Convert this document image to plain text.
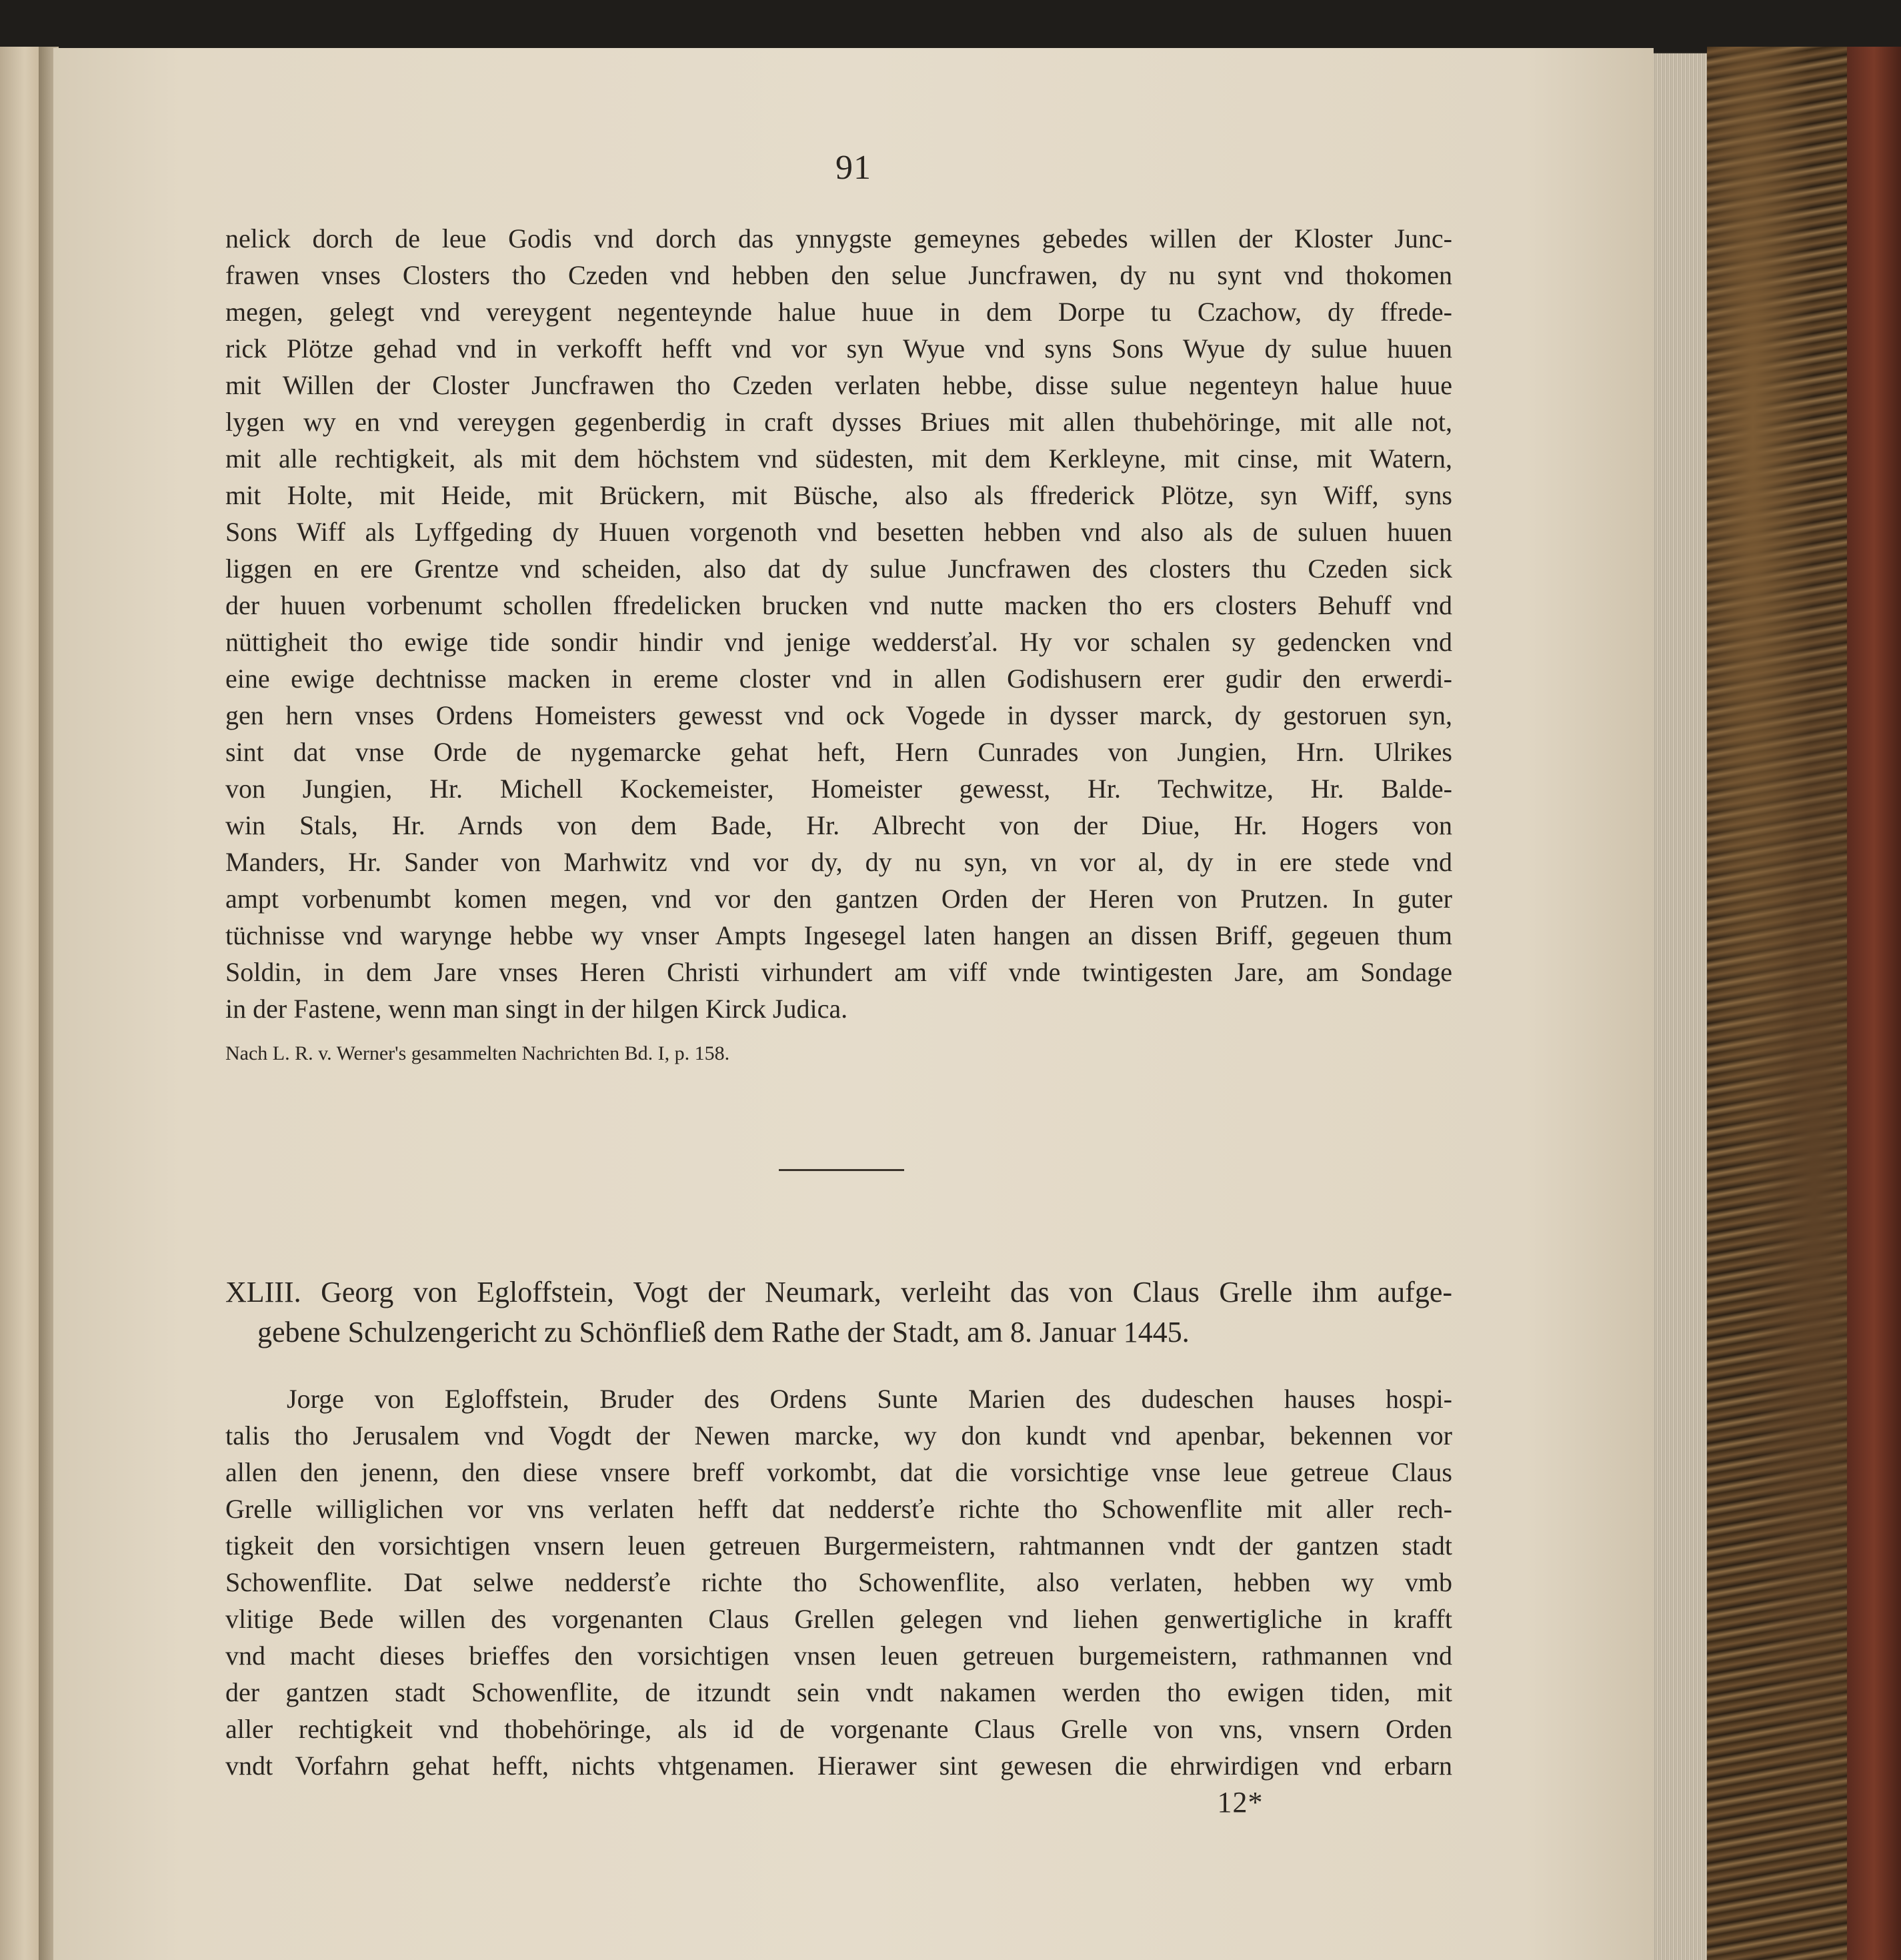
91
nelick dorch de leue Godis vnd dorch das ynnygste gemeynes gebedes willen der Kloster Junc-
frawen vnses Closters tho Czeden vnd hebben den selue Juncfrawen, dy nu synt vnd thokomen
megen, gelegt vnd vereygent negenteynde halue huue in dem Dorpe tu Czachow, dy ffrede-
rick Plötze gehad vnd in verkofft hefft vnd vor syn Wyue vnd syns Sons Wyue dy sulue huuen
mit Willen der Closter Juncfrawen tho Czeden verlaten hebbe, disse sulue negenteyn halue huue
lygen wy en vnd vereygen gegenberdig in craft dysses Briues mit allen thubehöringe, mit alle not,
mit alle rechtigkeit, als mit dem höchstem vnd südesten, mit dem Kerkleyne, mit cinse, mit Watern,
mit Holte, mit Heide, mit Brückern, mit Büsche, also als ffrederick Plötze, syn Wiff, syns
Sons Wiff als Lyffgeding dy Huuen vorgenoth vnd besetten hebben vnd also als de suluen huuen
liggen en ere Grentze vnd scheiden, also dat dy sulue Juncfrawen des closters thu Czeden sick
der huuen vorbenumt schollen ffredelicken brucken vnd nutte macken tho ers closters Behuff vnd
nüttigheit tho ewige tide sondir hindir vnd jenige weddersťal. Hy vor schalen sy gedencken vnd
eine ewige dechtnisse macken in ereme closter vnd in allen Godishusern erer gudir den erwerdi-
gen hern vnses Ordens Homeisters gewesst vnd ock Vogede in dysser marck, dy gestoruen syn,
sint dat vnse Orde de nygemarcke gehat heft, Hern Cunrades von Jungien, Hrn. Ulrikes
von Jungien, Hr. Michell Kockemeister, Homeister gewesst, Hr. Techwitze, Hr. Balde-
win Stals, Hr. Arnds von dem Bade, Hr. Albrecht von der Diue, Hr. Hogers von
Manders, Hr. Sander von Marhwitz vnd vor dy, dy nu syn, vn vor al, dy in ere stede vnd
ampt vorbenumbt komen megen, vnd vor den gantzen Orden der Heren von Prutzen. In guter
tüchnisse vnd warynge hebbe wy vnser Ampts Ingesegel laten hangen an dissen Briff, gegeuen thum
Soldin, in dem Jare vnses Heren Christi virhundert am viff vnde twintigesten Jare, am Sondage
in der Fastene, wenn man singt in der hilgen Kirck Judica.
Nach L. R. v. Werner's gesammelten Nachrichten Bd. I, p. 158.
XLIII. Georg von Egloffstein, Vogt der Neumark, verleiht das von Claus Grelle ihm aufge-
gebene Schulzengericht zu Schönfließ dem Rathe der Stadt, am 8. Januar 1445.
Jorge von Egloffstein, Bruder des Ordens Sunte Marien des dudeschen hauses hospi-
talis tho Jerusalem vnd Vogdt der Newen marcke, wy don kundt vnd apenbar, bekennen vor
allen den jenenn, den diese vnsere breff vorkombt, dat die vorsichtige vnse leue getreue Claus
Grelle williglichen vor vns verlaten hefft dat neddersťe richte tho Schowenflite mit aller rech-
tigkeit den vorsichtigen vnsern leuen getreuen Burgermeistern, rahtmannen vndt der gantzen stadt
Schowenflite. Dat selwe neddersťe richte tho Schowenflite, also verlaten, hebben wy vmb
vlitige Bede willen des vorgenanten Claus Grellen gelegen vnd liehen genwertigliche in krafft
vnd macht dieses brieffes den vorsichtigen vnsen leuen getreuen burgemeistern, rathmannen vnd
der gantzen stadt Schowenflite, de itzundt sein vndt nakamen werden tho ewigen tiden, mit
aller rechtigkeit vnd thobehöringe, als id de vorgenante Claus Grelle von vns, vnsern Orden
vndt Vorfahrn gehat hefft, nichts vhtgenamen. Hierawer sint gewesen die ehrwirdigen vnd erbarn
12*
